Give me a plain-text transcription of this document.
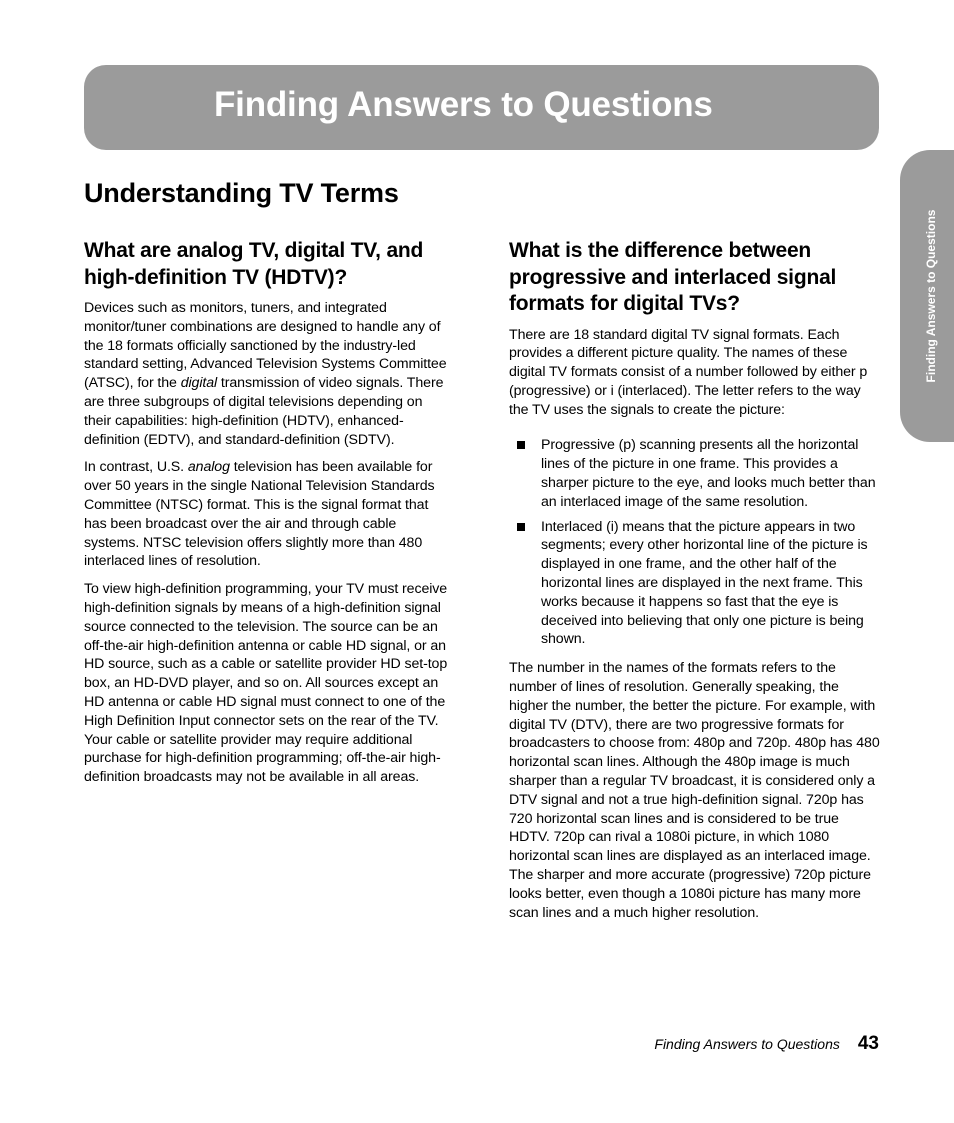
Finding Answers to Questions
Finding Answers to Questions
Understanding TV Terms
What are analog TV, digital TV, and high-definition TV (HDTV)?

Devices such as monitors, tuners, and integrated monitor/tuner combinations are designed to handle any of the 18 formats officially sanctioned by the industry-led standard setting, Advanced Television Systems Committee (ATSC), for the digital transmission of video signals. There are three subgroups of digital televisions depending on their capabilities: high-definition (HDTV), enhanced-definition (EDTV), and standard-definition (SDTV).

In contrast, U.S. analog television has been available for over 50 years in the single National Television Standards Committee (NTSC) format. This is the signal format that has been broadcast over the air and through cable systems. NTSC television offers slightly more than 480 interlaced lines of resolution.

To view high-definition programming, your TV must receive high-definition signals by means of a high-definition signal source connected to the television. The source can be an off-the-air high-definition antenna or cable HD signal, or an HD source, such as a cable or satellite provider HD set-top box, an HD-DVD player, and so on. All sources except an HD antenna or cable HD signal must connect to one of the High Definition Input connector sets on the rear of the TV. Your cable or satellite provider may require additional purchase for high-definition programming; off-the-air high-definition broadcasts may not be available in all areas.

What is the difference between progressive and interlaced signal formats for digital TVs?

There are 18 standard digital TV signal formats. Each provides a different picture quality. The names of these digital TV formats consist of a number followed by either p (progressive) or i (interlaced). The letter refers to the way the TV uses the signals to create the picture:

Progressive (p) scanning presents all the horizontal lines of the picture in one frame. This provides a sharper picture to the eye, and looks much better than an interlaced image of the same resolution.
Interlaced (i) means that the picture appears in two segments; every other horizontal line of the picture is displayed in one frame, and the other half of the horizontal lines are displayed in the next frame. This works because it happens so fast that the eye is deceived into believing that only one picture is being shown.

The number in the names of the formats refers to the number of lines of resolution. Generally speaking, the higher the number, the better the picture. For example, with digital TV (DTV), there are two progressive formats for broadcasters to choose from: 480p and 720p. 480p has 480 horizontal scan lines. Although the 480p image is much sharper than a regular TV broadcast, it is considered only a DTV signal and not a true high-definition signal. 720p has 720 horizontal scan lines and is considered to be true HDTV. 720p can rival a 1080i picture, in which 1080 horizontal scan lines are displayed as an interlaced image. The sharper and more accurate (progressive) 720p picture looks better, even though a 1080i picture has many more scan lines and a much higher resolution.

Finding Answers to Questions 43
